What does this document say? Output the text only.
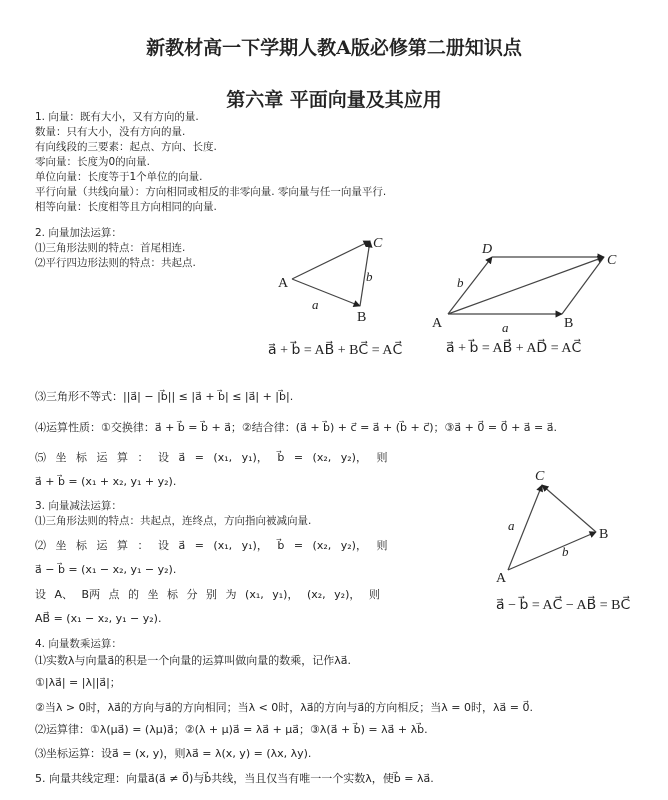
新教材高一下学期人教A版必修第二册知识点
第六章 平面向量及其应用
1. 向量：既有大小，又有方向的量.
数量：只有大小，没有方向的量.
有向线段的三要素：起点、方向、长度.
零向量：长度为0的向量.
单位向量：长度等于1个单位的向量.
平行向量（共线向量）：方向相同或相反的非零向量. 零向量与任一向量平行.
相等向量：长度相等且方向相同的向量.
2. 向量加法运算：
⑴三角形法则的特点：首尾相连.
⑵平行四边形法则的特点：共起点.
A
B
C
a⃗
b⃗
A	B
C
D
a⃗
b⃗
a⃗ + b⃗ = AB⃗ + BC⃗ = AC⃗	a⃗ + b⃗ = AB⃗ + AD⃗ = AC⃗
⑶三角形不等式：||a⃗| − |b⃗|| ≤ |a⃗ + b⃗| ≤ |a⃗| + |b⃗|.
⑷运算性质：①交换律：a⃗ + b⃗ = b⃗ + a⃗；②结合律：(a⃗ + b⃗) + c⃗ = a⃗ + (b⃗ + c⃗)；③a⃗ + 0⃗ = 0⃗ + a⃗ = a⃗.
⑸ 坐 标 运 算 ： 设 a⃗ = (x₁, y₁)， b⃗ = (x₂, y₂)， 则
a⃗ + b⃗ = (x₁ + x₂, y₁ + y₂).
3. 向量减法运算：
⑴三角形法则的特点：共起点，连终点，方向指向被减向量.
⑵ 坐 标 运 算 ： 设 a⃗ = (x₁, y₁)， b⃗ = (x₂, y₂)， 则
a⃗ − b⃗ = (x₁ − x₂, y₁ − y₂).
设 A、 B两 点 的 坐 标 分 别 为 (x₁, y₁)， (x₂, y₂)， 则
AB⃗ = (x₁ − x₂, y₁ − y₂).
A
B
C
a⃗
b⃗
a⃗ − b⃗ = AC⃗ − AB⃗ = BC⃗
4. 向量数乘运算：
⑴实数λ与向量a⃗的积是一个向量的运算叫做向量的数乘，记作λa⃗.
①|λa⃗| = |λ||a⃗|；
②当λ > 0时，λa⃗的方向与a⃗的方向相同；当λ < 0时，λa⃗的方向与a⃗的方向相反；当λ = 0时，λa⃗ = 0⃗.
⑵运算律：①λ(μa⃗) = (λμ)a⃗；②(λ + μ)a⃗ = λa⃗ + μa⃗；③λ(a⃗ + b⃗) = λa⃗ + λb⃗.
⑶坐标运算：设a⃗ = (x, y)，则λa⃗ = λ(x, y) = (λx, λy).
5. 向量共线定理：向量a⃗(a⃗ ≠ 0⃗)与b⃗共线，当且仅当有唯一一个实数λ，使b⃗ = λa⃗.
